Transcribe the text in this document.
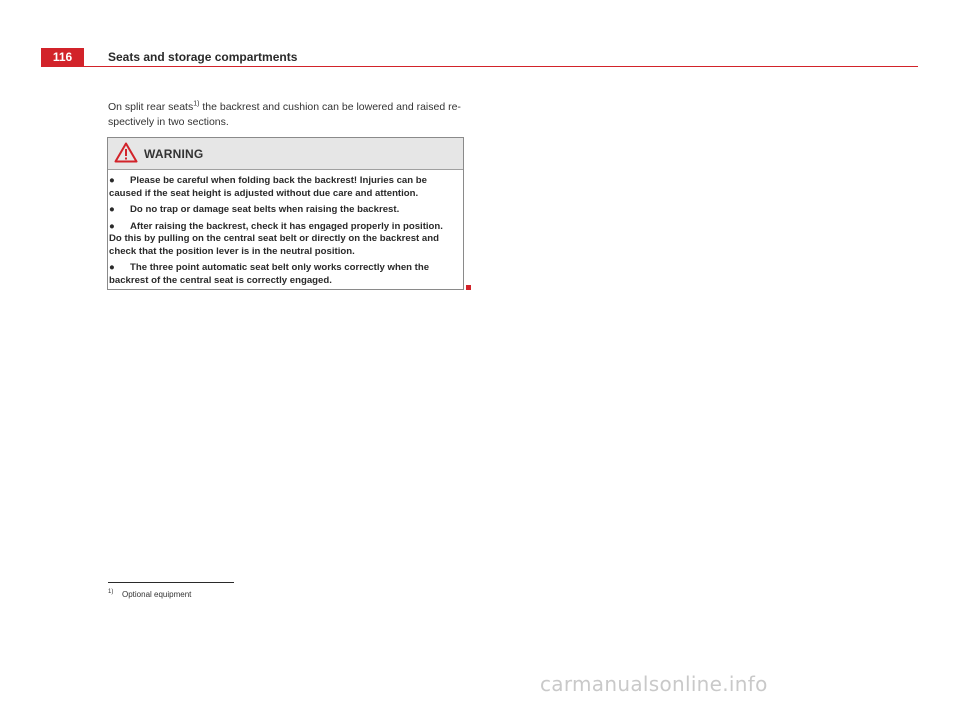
116	Seats and storage compartments
On split rear seats$^{1)}$ the backrest and cushion can be lowered and raised re-spectively in two sections.
WARNING
● Please be careful when folding back the backrest! Injuries can be caused if the seat height is adjusted without due care and attention.
● Do no trap or damage seat belts when raising the backrest.
● After raising the backrest, check it has engaged properly in position. Do this by pulling on the central seat belt or directly on the backrest and check that the position lever is in the neutral position.
● The three point automatic seat belt only works correctly when the backrest of the central seat is correctly engaged.
1) Optional equipment
carmanualsonline.info
